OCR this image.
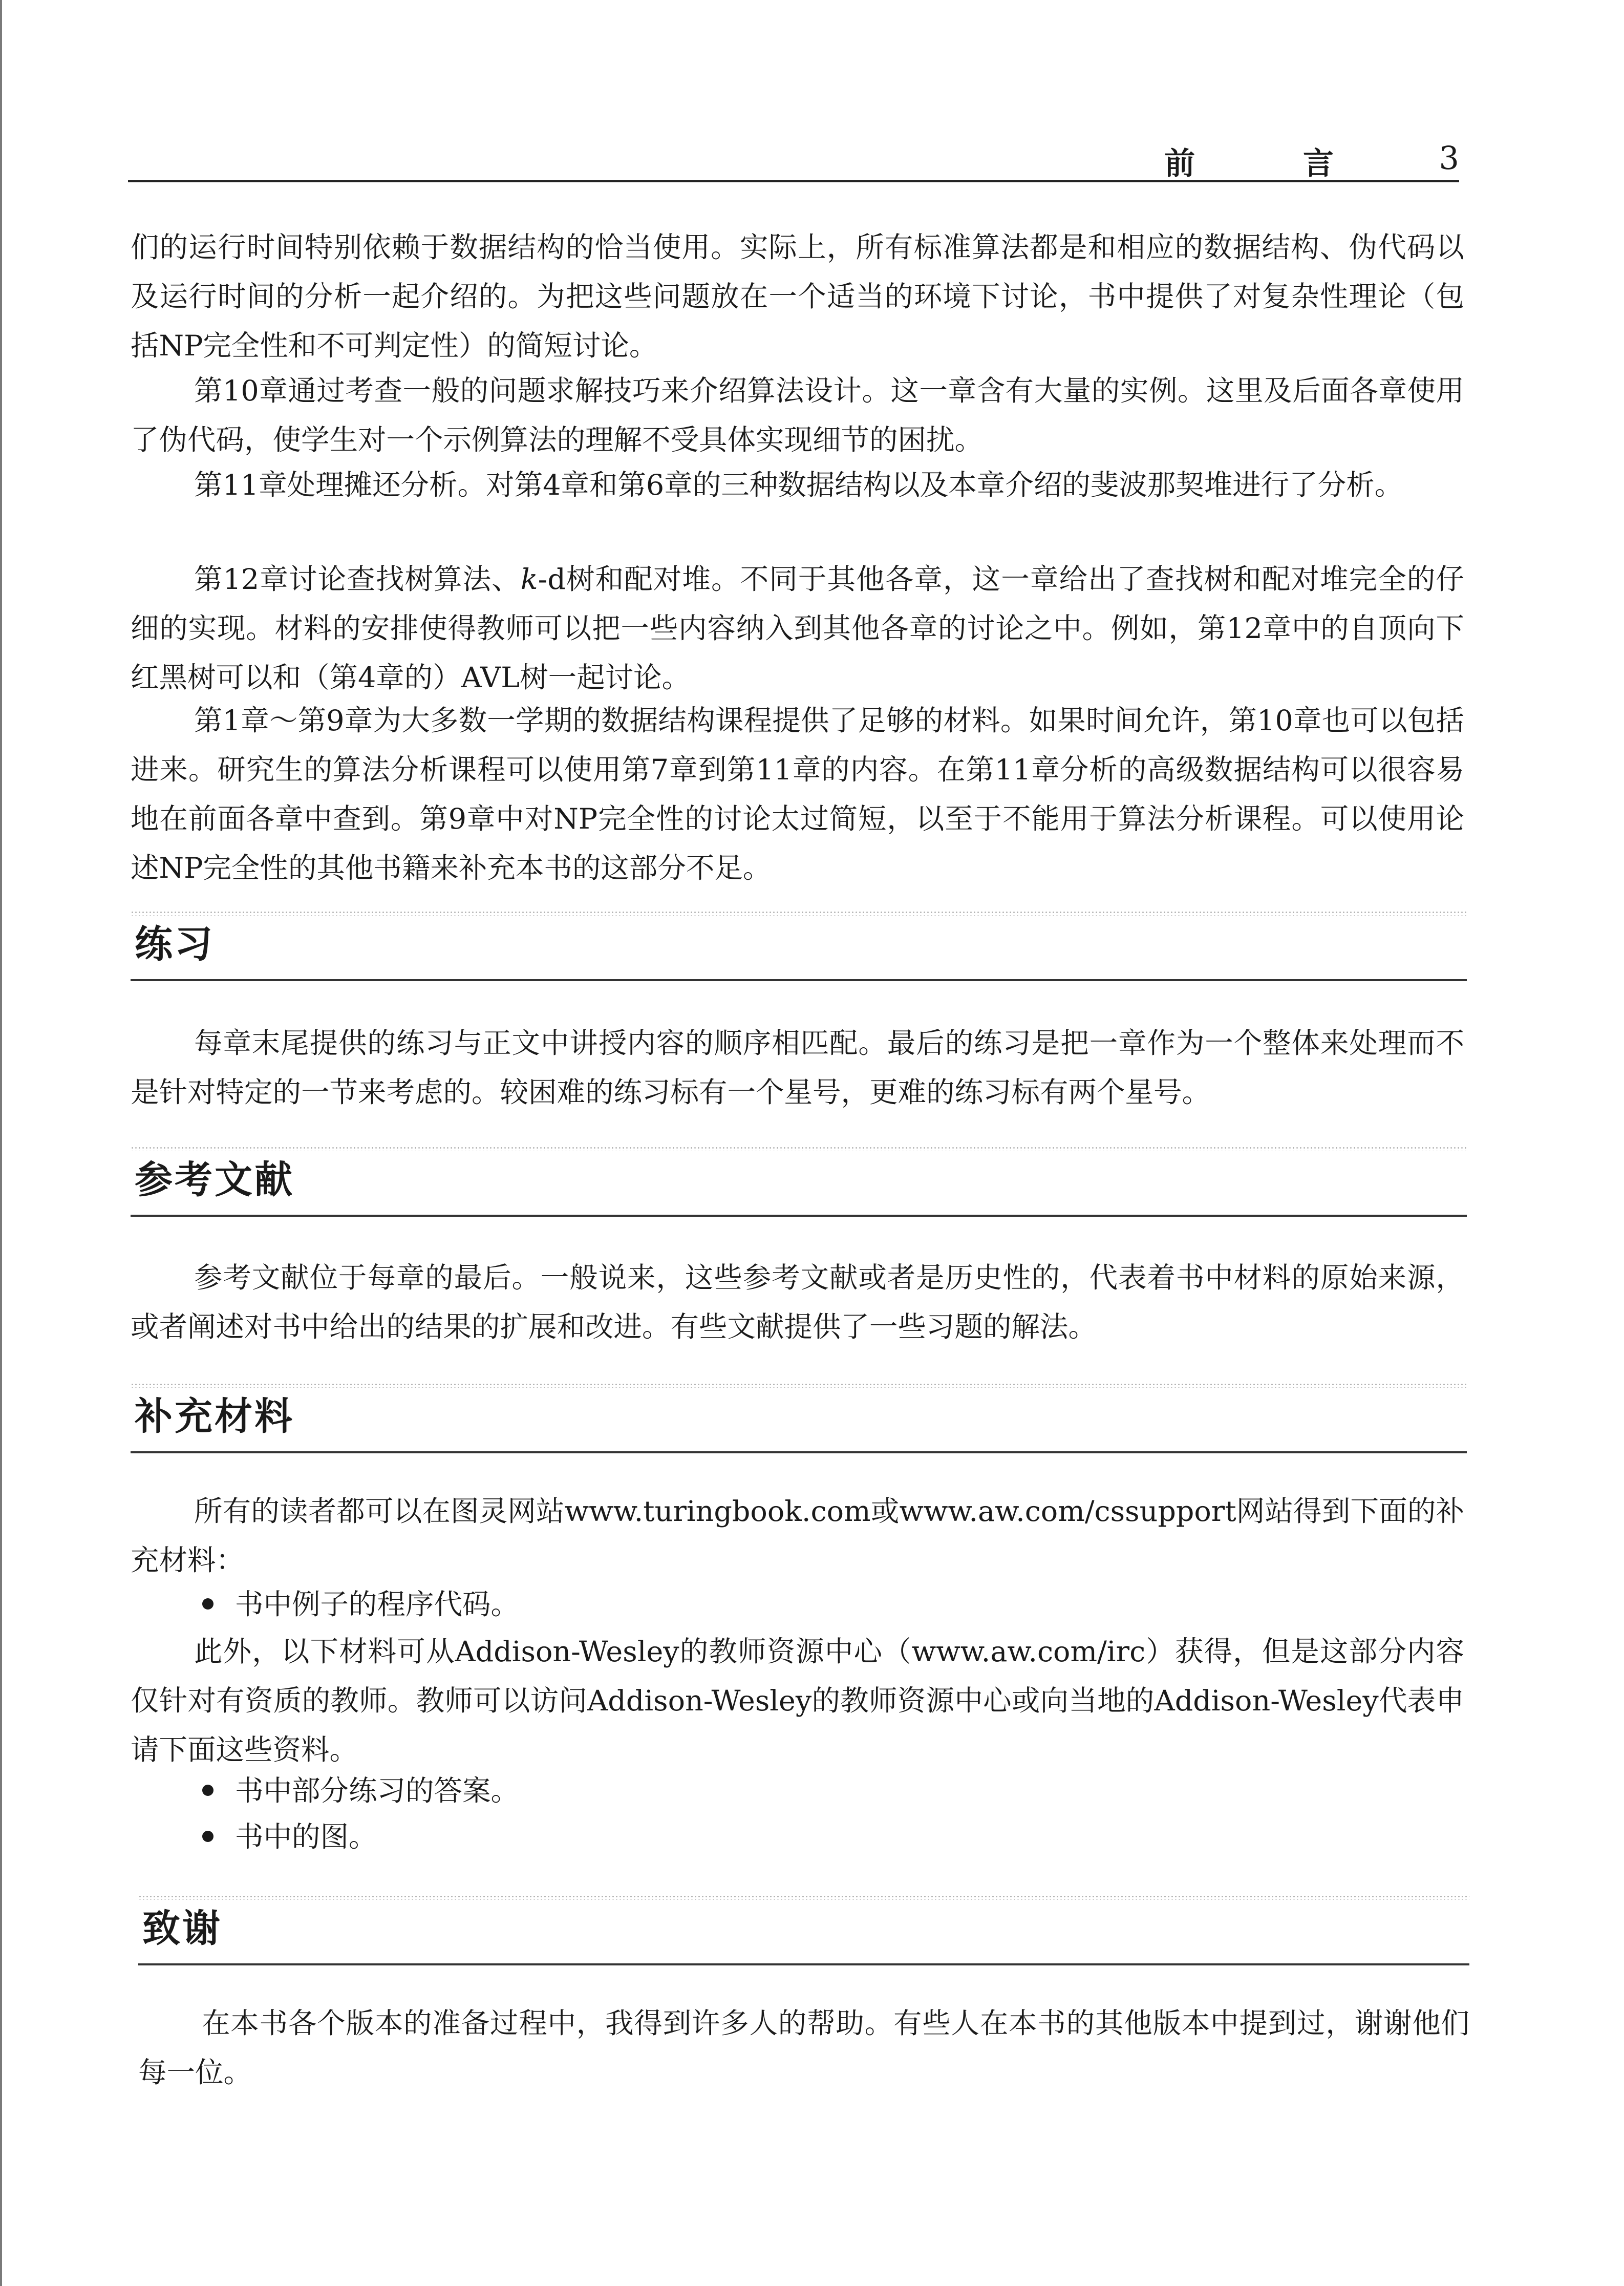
前 言 3

们的运行时间特别依赖于数据结构的恰当使用。实际上，所有标准算法都是和相应的数据结构、伪代码以及运行时间的分析一起介绍的。为把这些问题放在一个适当的环境下讨论，书中提供了对复杂性理论（包括NP完全性和不可判定性）的简短讨论。

第10章通过考查一般的问题求解技巧来介绍算法设计。这一章含有大量的实例。这里及后面各章使用了伪代码，使学生对一个示例算法的理解不受具体实现细节的困扰。

第11章处理摊还分析。对第4章和第6章的三种数据结构以及本章介绍的斐波那契堆进行了分析。

第12章讨论查找树算法、k-d树和配对堆。不同于其他各章，这一章给出了查找树和配对堆完全的仔细的实现。材料的安排使得教师可以把一些内容纳入到其他各章的讨论之中。例如，第12章中的自顶向下红黑树可以和（第4章的）AVL树一起讨论。

第1章～第9章为大多数一学期的数据结构课程提供了足够的材料。如果时间允许，第10章也可以包括进来。研究生的算法分析课程可以使用第7章到第11章的内容。在第11章分析的高级数据结构可以很容易地在前面各章中查到。第9章中对NP完全性的讨论太过简短，以至于不能用于算法分析课程。可以使用论述NP完全性的其他书籍来补充本书的这部分不足。

练习

每章末尾提供的练习与正文中讲授内容的顺序相匹配。最后的练习是把一章作为一个整体来处理而不是针对特定的一节来考虑的。较困难的练习标有一个星号，更难的练习标有两个星号。

参考文献

参考文献位于每章的最后。一般说来，这些参考文献或者是历史性的，代表着书中材料的原始来源，或者阐述对书中给出的结果的扩展和改进。有些文献提供了一些习题的解法。

补充材料

所有的读者都可以在图灵网站www.turingbook.com或www.aw.com/cssupport网站得到下面的补充材料：

书中例子的程序代码。

此外，以下材料可从Addison-Wesley的教师资源中心（www.aw.com/irc）获得，但是这部分内容仅针对有资质的教师。教师可以访问Addison-Wesley的教师资源中心或向当地的Addison-Wesley代表申请下面这些资料。

书中部分练习的答案。
书中的图。
致谢

在本书各个版本的准备过程中，我得到许多人的帮助。有些人在本书的其他版本中提到过，谢谢他们每一位。
